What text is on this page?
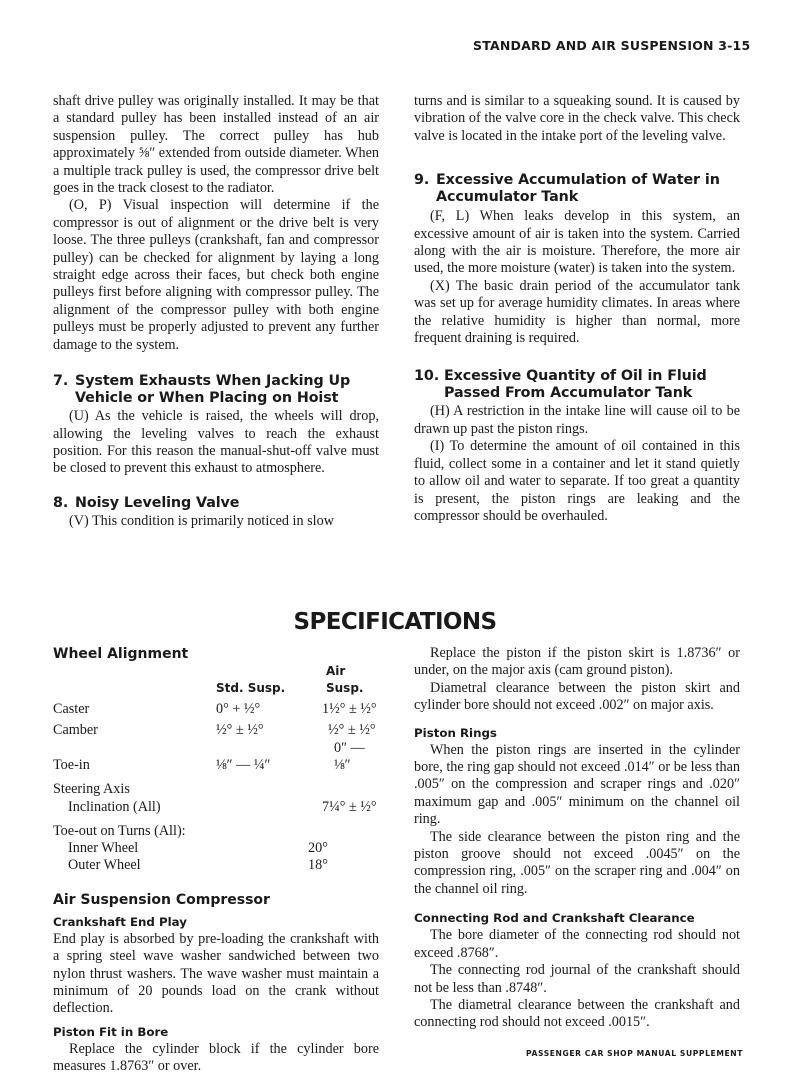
STANDARD AND AIR SUSPENSION 3-15

shaft drive pulley was originally installed. It may be that a standard pulley has been installed instead of an air suspension pulley. The correct pulley has hub approximately ⅝″ extended from outside diameter. When a multiple track pulley is used, the compressor drive belt goes in the track closest to the radiator.

(O, P) Visual inspection will determine if the compressor is out of alignment or the drive belt is very loose. The three pulleys (crankshaft, fan and compressor pulley) can be checked for alignment by laying a long straight edge across their faces, but check both engine pulleys first before aligning with compressor pulley. The alignment of the compressor pulley with both engine pulleys must be properly adjusted to prevent any further damage to the system.

7. System Exhausts When Jacking Up
Vehicle or When Placing on Hoist

(U) As the vehicle is raised, the wheels will drop, allowing the leveling valves to reach the exhaust position. For this reason the manual-shut-off valve must be closed to prevent this exhaust to atmosphere.

8. Noisy Leveling Valve

(V) This condition is primarily noticed in slow

turns and is similar to a squeaking sound. It is caused by vibration of the valve core in the check valve. This check valve is located in the intake port of the leveling valve.

9. Excessive Accumulation of Water in
Accumulator Tank

(F, L) When leaks develop in this system, an excessive amount of air is taken into the system. Carried along with the air is moisture. Therefore, the more air used, the more moisture (water) is taken into the system.

(X) The basic drain period of the accumulator tank was set up for average humidity climates. In areas where the relative humidity is higher than normal, more frequent draining is required.

10. Excessive Quantity of Oil in Fluid
Passed From Accumulator Tank

(H) A restriction in the intake line will cause oil to be drawn up past the piston rings.

(I) To determine the amount of oil contained in this fluid, collect some in a container and let it stand quietly to allow oil and water to separate. If too great a quantity is present, the piston rings are leaking and the compressor should be overhauled.

SPECIFICATIONS
Wheel Alignment
	Std. Susp.	Air Susp.
Caster	0° + ½°	1½° ± ½°
Camber	½° ± ½°	½° ± ½°
Toe-in	⅛″ — ¼″	0″ — ⅛″
Steering Axis		
Inclination (All)		7¼° ± ½°
Toe-out on Turns (All):		
Inner Wheel	20°	
Outer Wheel	18°	
Air Suspension Compressor
Crankshaft End Play

End play is absorbed by pre-loading the crankshaft with a spring steel wave washer sandwiched between two nylon thrust washers. The wave washer must maintain a minimum of 20 pounds load on the crank without deflection.

Piston Fit in Bore

Replace the cylinder block if the cylinder bore measures 1.8763″ or over.

Replace the piston if the piston skirt is 1.8736″ or under, on the major axis (cam ground piston).

Diametral clearance between the piston skirt and cylinder bore should not exceed .002″ on major axis.

Piston Rings

When the piston rings are inserted in the cylinder bore, the ring gap should not exceed .014″ or be less than .005″ on the compression and scraper rings and .020″ maximum gap and .005″ minimum on the channel oil ring.

The side clearance between the piston ring and the piston groove should not exceed .0045″ on the compression ring, .005″ on the scraper ring and .004″ on the channel oil ring.

Connecting Rod and Crankshaft Clearance

The bore diameter of the connecting rod should not exceed .8768″.

The connecting rod journal of the crankshaft should not be less than .8748″.

The diametral clearance between the crankshaft and connecting rod should not exceed .0015″.

PASSENGER CAR SHOP MANUAL SUPPLEMENT
